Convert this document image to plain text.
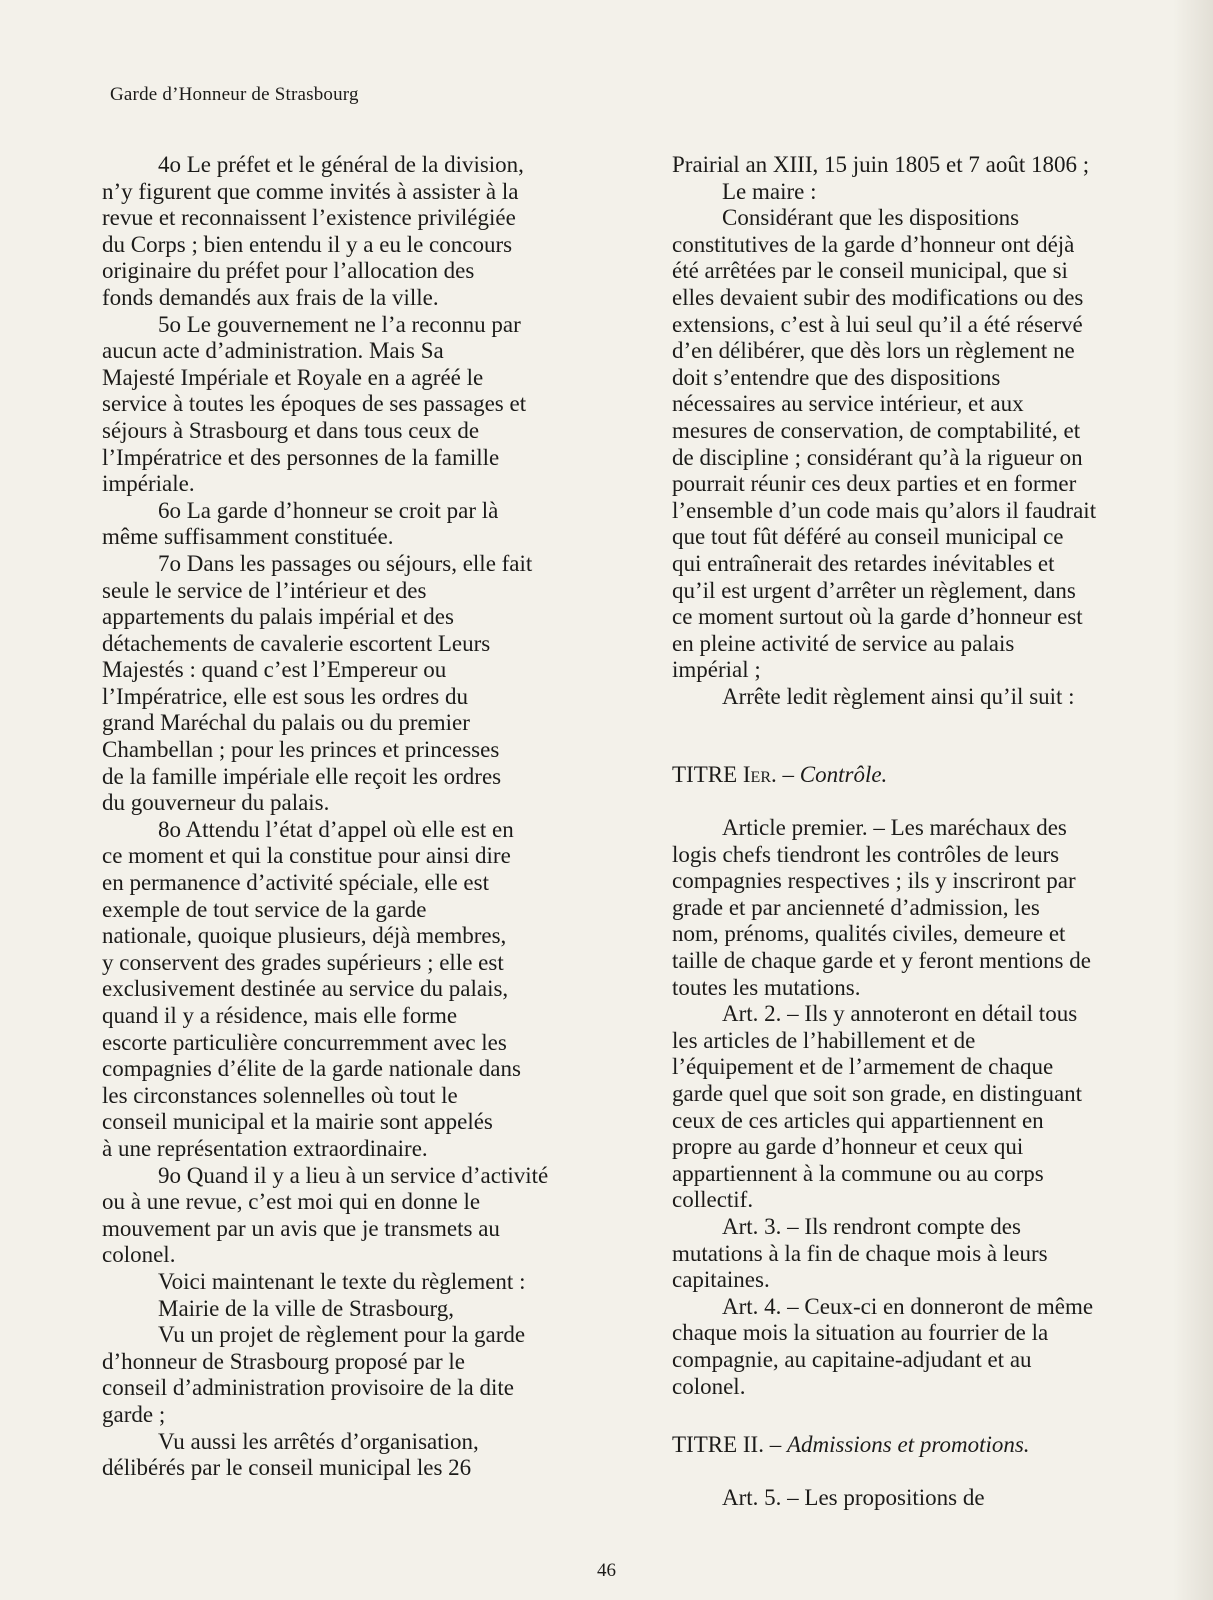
Garde d’Honneur de Strasbourg
4o Le préfet et le général de la division,
n’y figurent que comme invités à assister à la
revue et reconnaissent l’existence privilégiée
du Corps ; bien entendu il y a eu le concours
originaire du préfet pour l’allocation des
fonds demandés aux frais de la ville.
5o Le gouvernement ne l’a reconnu par
aucun acte d’administration. Mais Sa
Majesté Impériale et Royale en a agréé le
service à toutes les époques de ses passages et
séjours à Strasbourg et dans tous ceux de
l’Impératrice et des personnes de la famille
impériale.
6o La garde d’honneur se croit par là
même suffisamment constituée.
7o Dans les passages ou séjours, elle fait
seule le service de l’intérieur et des
appartements du palais impérial et des
détachements de cavalerie escortent Leurs
Majestés : quand c’est l’Empereur ou
l’Impératrice, elle est sous les ordres du
grand Maréchal du palais ou du premier
Chambellan ; pour les princes et princesses
de la famille impériale elle reçoit les ordres
du gouverneur du palais.
8o Attendu l’état d’appel où elle est en
ce moment et qui la constitue pour ainsi dire
en permanence d’activité spéciale, elle est
exemple de tout service de la garde
nationale, quoique plusieurs, déjà membres,
y conservent des grades supérieurs ; elle est
exclusivement destinée au service du palais,
quand il y a résidence, mais elle forme
escorte particulière concurremment avec les
compagnies d’élite de la garde nationale dans
les circonstances solennelles où tout le
conseil municipal et la mairie sont appelés
à une représentation extraordinaire.
9o Quand il y a lieu à un service d’activité
ou à une revue, c’est moi qui en donne le
mouvement par un avis que je transmets au
colonel.
Voici maintenant le texte du règlement :
Mairie de la ville de Strasbourg,
Vu un projet de règlement pour la garde
d’honneur de Strasbourg proposé par le
conseil d’administration provisoire de la dite
garde ;
Vu aussi les arrêtés d’organisation,
délibérés par le conseil municipal les 26
Prairial an XIII, 15 juin 1805 et 7 août 1806 ;
Le maire :
Considérant que les dispositions
constitutives de la garde d’honneur ont déjà
été arrêtées par le conseil municipal, que si
elles devaient subir des modifications ou des
extensions, c’est à lui seul qu’il a été réservé
d’en délibérer, que dès lors un règlement ne
doit s’entendre que des dispositions
nécessaires au service intérieur, et aux
mesures de conservation, de comptabilité, et
de discipline ; considérant qu’à la rigueur on
pourrait réunir ces deux parties et en former
l’ensemble d’un code mais qu’alors il faudrait
que tout fût déféré au conseil municipal ce
qui entraînerait des retardes inévitables et
qu’il est urgent d’arrêter un règlement, dans
ce moment surtout où la garde d’honneur est
en pleine activité de service au palais
impérial ;
Arrête ledit règlement ainsi qu’il suit :

TITRE Ier. – Contrôle.

Article premier. – Les maréchaux des
logis chefs tiendront les contrôles de leurs
compagnies respectives ; ils y inscriront par
grade et par ancienneté d’admission, les
nom, prénoms, qualités civiles, demeure et
taille de chaque garde et y feront mentions de
toutes les mutations.
Art. 2. – Ils y annoteront en détail tous
les articles de l’habillement et de
l’équipement et de l’armement de chaque
garde quel que soit son grade, en distinguant
ceux de ces articles qui appartiennent en
propre au garde d’honneur et ceux qui
appartiennent à la commune ou au corps
collectif.
Art. 3. – Ils rendront compte des
mutations à la fin de chaque mois à leurs
capitaines.
Art. 4. – Ceux-ci en donneront de même
chaque mois la situation au fourrier de la
compagnie, au capitaine-adjudant et au
colonel.

TITRE II. – Admissions et promotions.

Art. 5. – Les propositions de
46
